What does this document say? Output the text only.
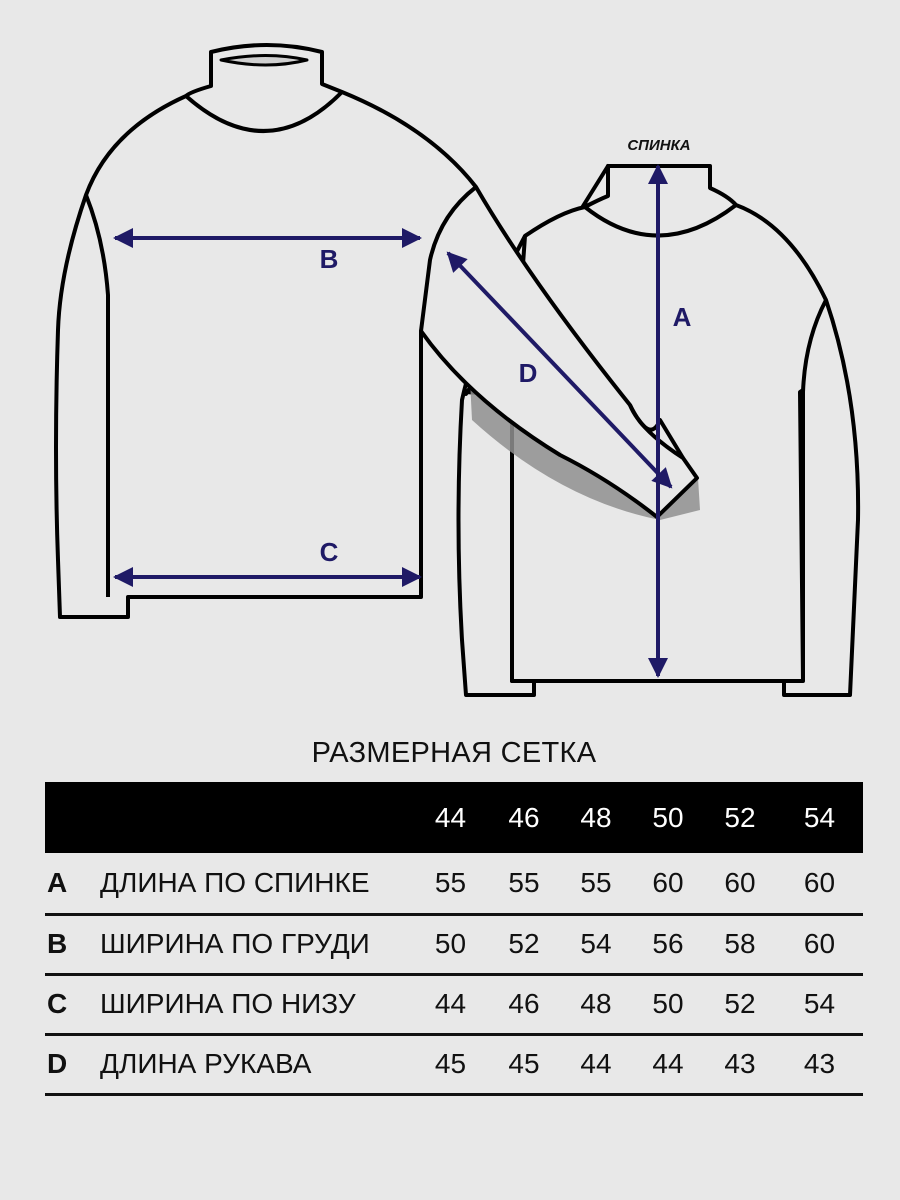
СПИНКА
A
B
C
D
РАЗМЕРНАЯ СЕТКА
		44	46	48	50	52	54
A	ДЛИНА ПО СПИНКЕ	55	55	55	60	60	60
B	ШИРИНА ПО ГРУДИ	50	52	54	56	58	60
C	ШИРИНА ПО НИЗУ	44	46	48	50	52	54
D	ДЛИНА РУКАВА	45	45	44	44	43	43
